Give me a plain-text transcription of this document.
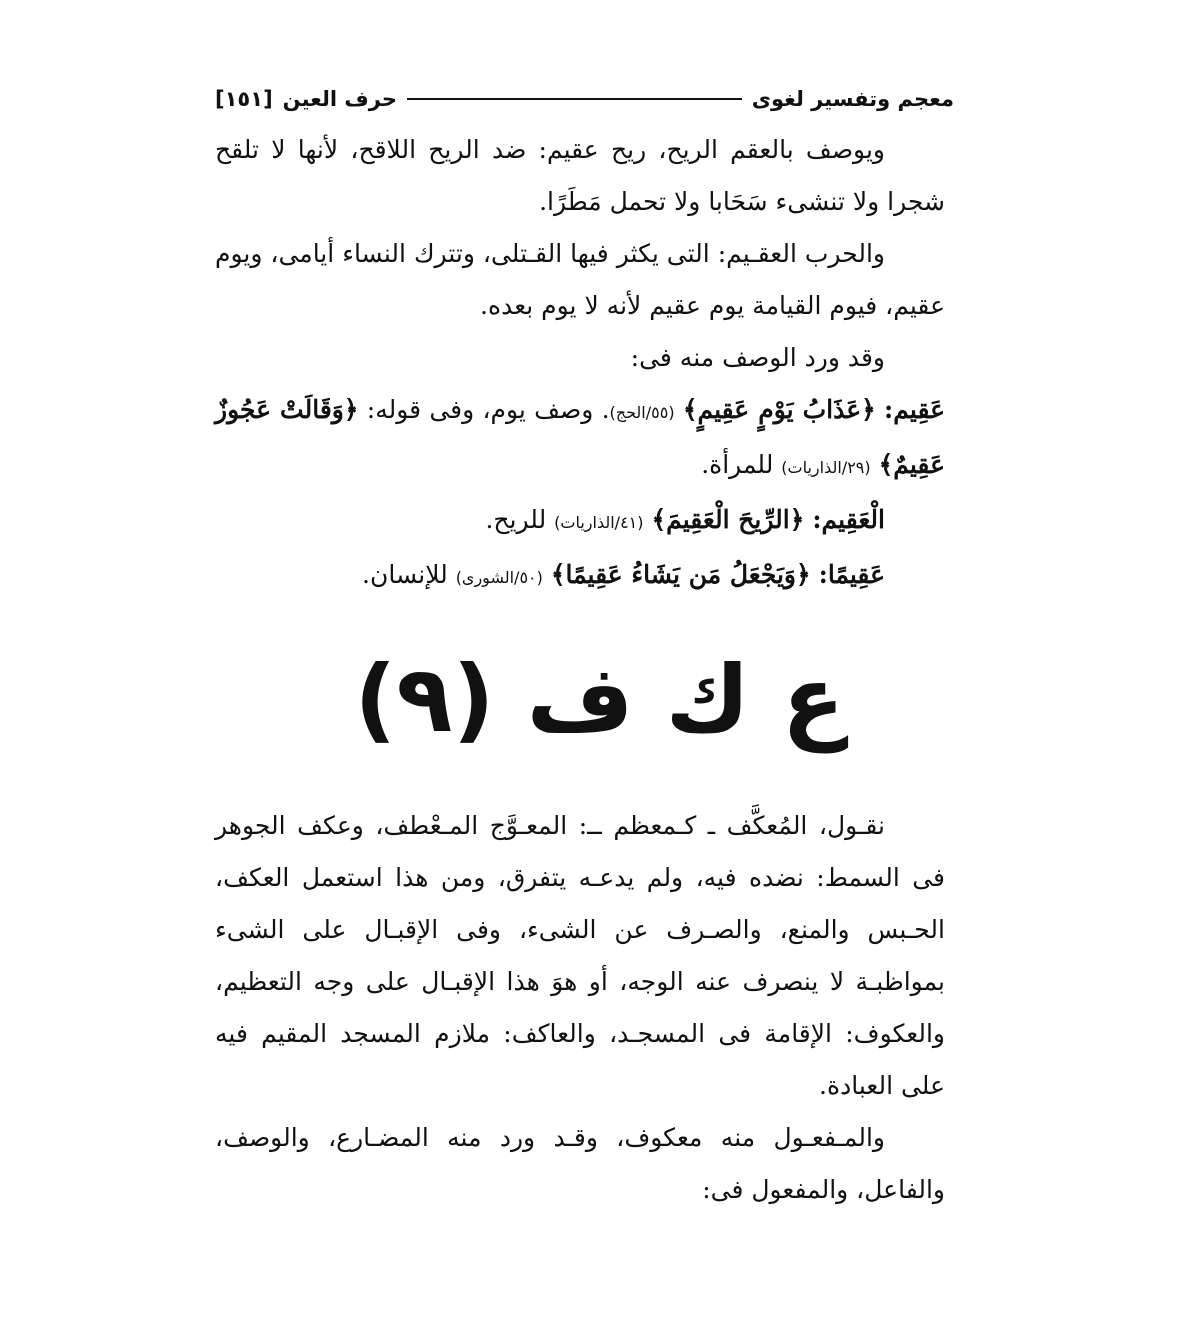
معجم وتفسير لغوى
حرف العين
[١٥١]

ويوصف بالعقم الريح، ريح عقيم: ضد الريح اللاقح، لأنها لا تلقح شجرا ولا تنشىء سَحَابا ولا تحمل مَطَرًا.

والحرب العقـيم: التى يكثر فيها القـتلى، وتترك النساء أيامى، ويوم عقيم، فيوم القيامة يوم عقيم لأنه لا يوم بعده.

وقد ورد الوصف منه فى:

عَقِيم: ﴿عَذَابُ يَوْمٍ عَقِيمٍ﴾ (٥٥/الحج). وصف يوم، وفى قوله: ﴿وَقَالَتْ عَجُوزٌ عَقِيمٌ﴾ (٢٩/الذاريات) للمرأة.

الْعَقِيم: ﴿الرِّيحَ الْعَقِيمَ﴾ (٤١/الذاريات) للريح.

عَقِيمًا: ﴿وَيَجْعَلُ مَن يَشَاءُ عَقِيمًا﴾ (٥٠/الشورى) للإنسان.

ع ك ف (٩)

نقـول، المُعكَّف ـ كـمعظم ــ: المعـوَّج المـعْطف، وعكف الجوهر فى السمط: نضده فيه، ولم يدعـه يتفرق، ومن هذا استعمل العكف، الحـبس والمنع، والصـرف عن الشىء، وفى الإقبـال على الشىء بمواظبـة لا ينصرف عنه الوجه، أو هوَ هذا الإقبـال على وجه التعظيم، والعكوف: الإقامة فى المسجـد، والعاكف: ملازم المسجد المقيم فيه على العبادة.

والمـفعـول منه معكوف، وقـد ورد منه المضـارع، والوصف، والفاعل، والمفعول فى:
